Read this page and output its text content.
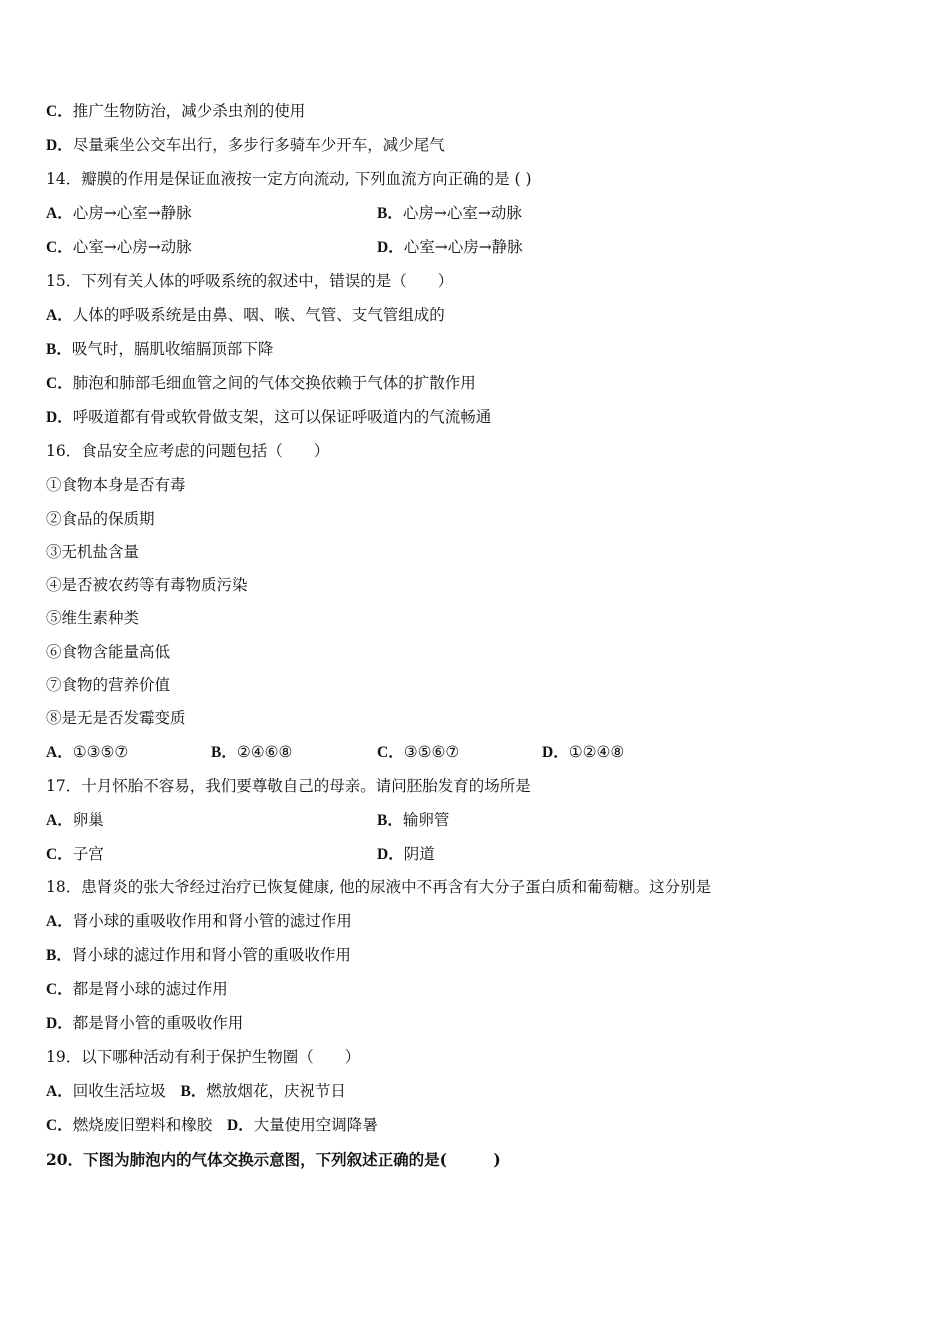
C．推广生物防治，减少杀虫剂的使用
D．尽量乘坐公交车出行，多步行多骑车少开车，减少尾气
14．瓣膜的作用是保证血液按一定方向流动, 下列血流方向正确的是 ( )
A．心房→心室→静脉	B．心房→心室→动脉
C．心室→心房→动脉	D．心室→心房→静脉
15．下列有关人体的呼吸系统的叙述中，错误的是（　　）
A．人体的呼吸系统是由鼻、咽、喉、气管、支气管组成的
B．吸气时，膈肌收缩膈顶部下降
C．肺泡和肺部毛细血管之间的气体交换依赖于气体的扩散作用
D．呼吸道都有骨或软骨做支架，这可以保证呼吸道内的气流畅通
16．食品安全应考虑的问题包括（　　）
①食物本身是否有毒
②食品的保质期
③无机盐含量
④是否被农药等有毒物质污染
⑤维生素种类
⑥食物含能量高低
⑦食物的营养价值
⑧是无是否发霉变质
A．①③⑤⑦	B．②④⑥⑧	C．③⑤⑥⑦	D．①②④⑧
17．十月怀胎不容易，我们要尊敬自己的母亲。请问胚胎发育的场所是
A．卵巢	B．输卵管
C．子宫	D．阴道
18．患肾炎的张大爷经过治疗已恢复健康, 他的尿液中不再含有大分子蛋白质和葡萄糖。这分别是
A．肾小球的重吸收作用和肾小管的滤过作用
B．肾小球的滤过作用和肾小管的重吸收作用
C．都是肾小球的滤过作用
D．都是肾小管的重吸收作用
19．以下哪种活动有利于保护生物圈（　　）
A．回收生活垃圾 B．燃放烟花，庆祝节日
C．燃烧废旧塑料和橡胶 D．大量使用空调降暑
20．下图为肺泡内的气体交换示意图，下列叙述正确的是(　　　)
